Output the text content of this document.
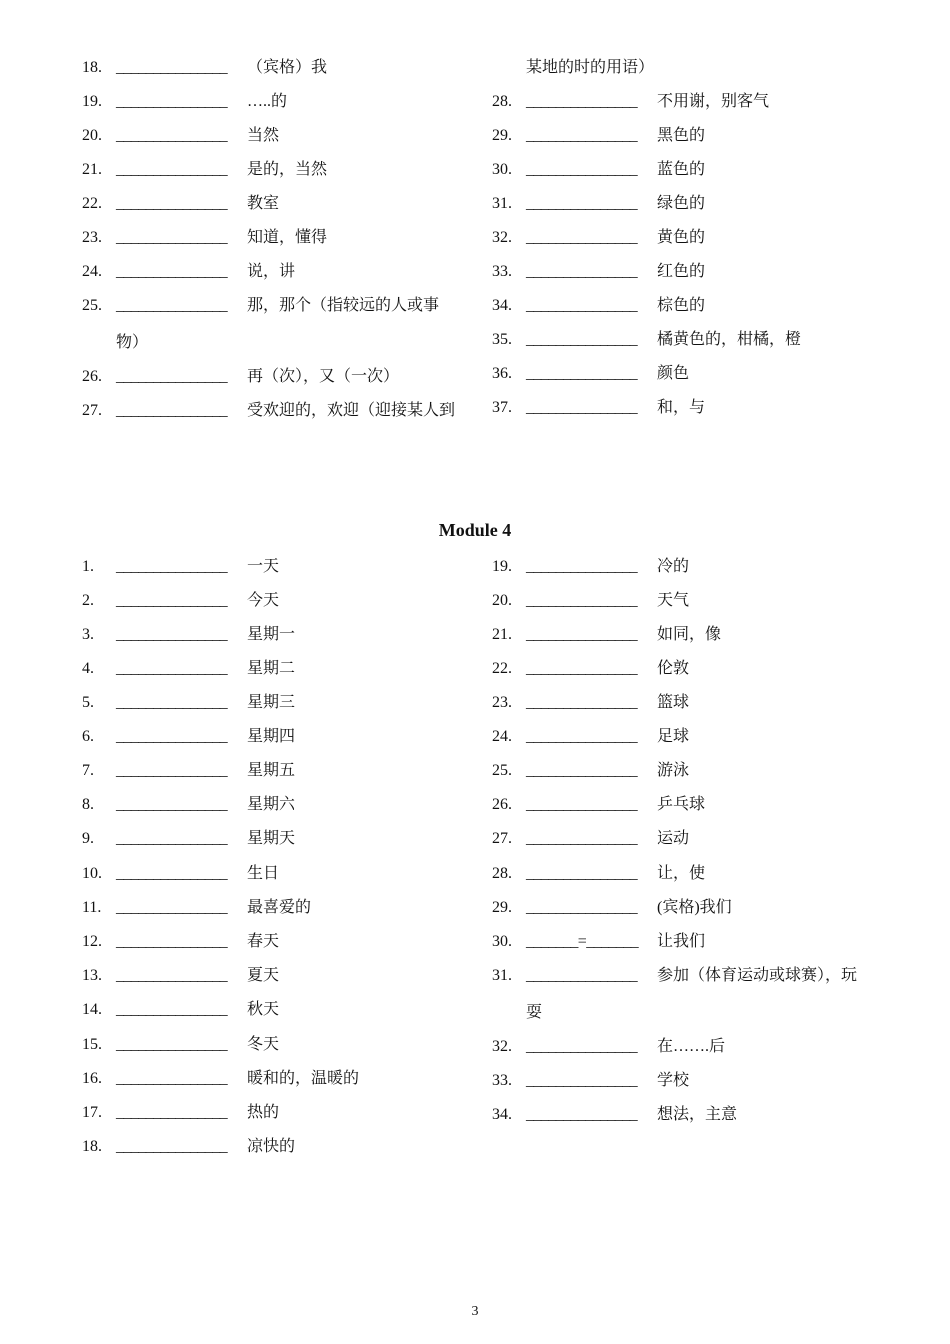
18. _______________ （宾格）我
19. _______________ …..的
20. _______________ 当然
21. _______________ 是的，当然
22. _______________ 教室
23. _______________ 知道，懂得
24. _______________ 说，讲
25. _______________ 那，那个（指较远的人或事
物）
26. _______________ 再（次），又（一次）
27. _______________ 受欢迎的，欢迎（迎接某人到
某地的时的用语）
28. _______________ 不用谢，别客气
29. _______________ 黑色的
30. _______________ 蓝色的
31. _______________ 绿色的
32. _______________ 黄色的
33. _______________ 红色的
34. _______________ 棕色的
35. _______________ 橘黄色的，柑橘，橙
36. _______________ 颜色
37. _______________ 和，与
Module 4
1. _______________ 一天
2. _______________ 今天
3. _______________ 星期一
4. _______________ 星期二
5. _______________ 星期三
6. _______________ 星期四
7. _______________ 星期五
8. _______________ 星期六
9. _______________ 星期天
10. _______________ 生日
11. _______________ 最喜爱的
12. _______________ 春天
13. _______________ 夏天
14. _______________ 秋天
15. _______________ 冬天
16. _______________ 暖和的，温暖的
17. _______________ 热的
18. _______________ 凉快的
19. _______________ 冷的
20. _______________ 天气
21. _______________ 如同，像
22. _______________ 伦敦
23. _______________ 篮球
24. _______________ 足球
25. _______________ 游泳
26. _______________ 乒乓球
27. _______________ 运动
28. _______________ 让，使
29. _______________ (宾格)我们
30. _______=_______ 让我们
31. _______________ 参加（体育运动或球赛），玩
耍
32. _______________ 在…….后
33. _______________ 学校
34. _______________ 想法，主意
3
